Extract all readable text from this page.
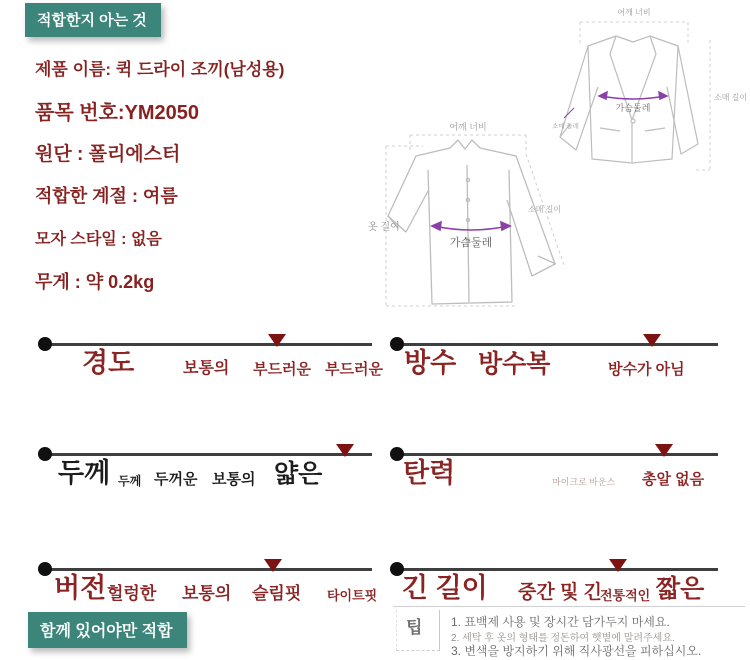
적합한지 아는 것
제품 이름: 퀵 드라이 조끼(남성용)
품목 번호:YM2050
원단 : 폴리에스터
적합한 계절 : 여름
모자 스타일 : 없음
무게 : 약 0.2kg
어깨 너비
옷 길이
소매 길이
가슴둘레
어깨 너비
소매 길이
가슴둘레
소매 둘레
경도	보통의 부드러운 부드러운 방수 방수복	방수가 아님
두께 두께 두꺼운 보통의 얇은	탄력	마이크로 바운스 총알 없음
버전 헐렁한 보통의 슬림핏 타이트핏 긴 길이 중간 및 긴
전통적인 짧은
함께 있어야만 적합	팁 1. 표백제 사용 및 장시간 담가두지 마세요.
2. 세탁 후 옷의 형태를 정돈하여 햇볕에 말려주세요.
3. 변색을 방지하기 위해 직사광선을 피하십시오.
